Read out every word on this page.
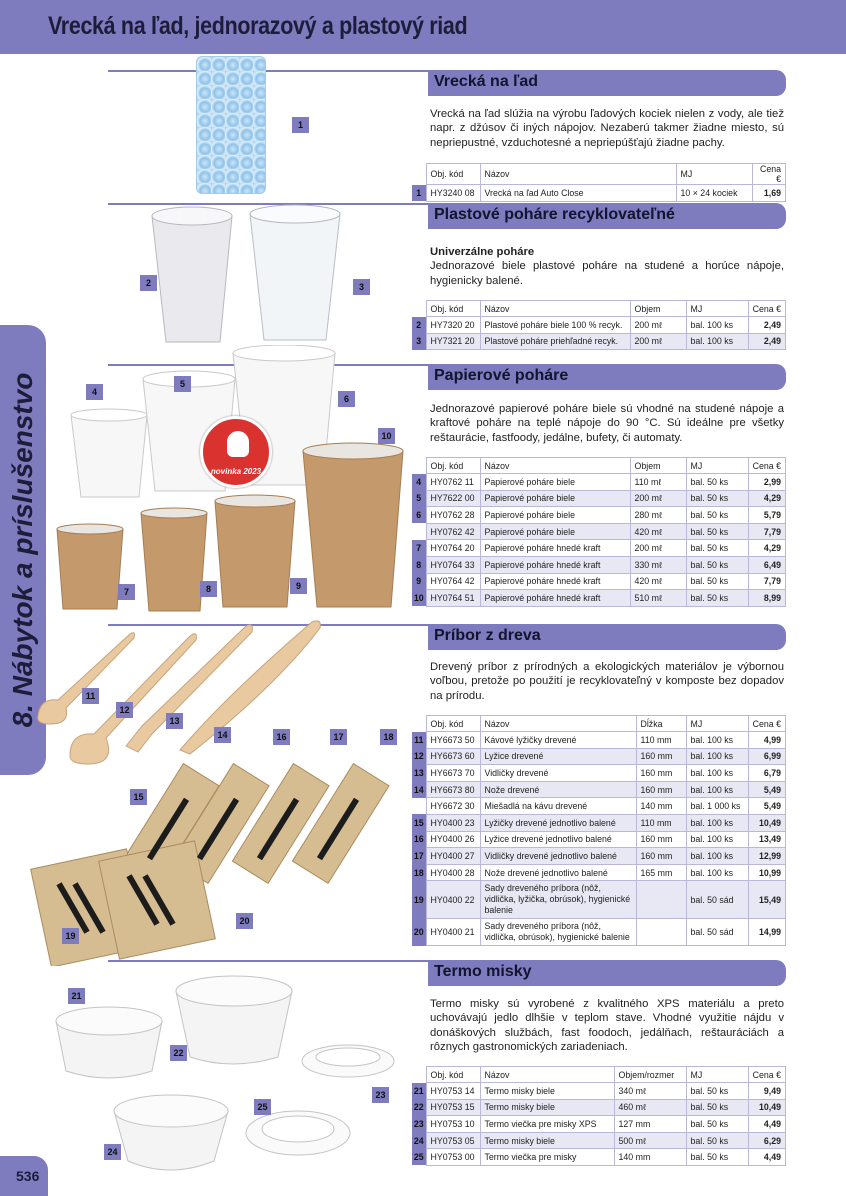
Vrecká na ľad, jednorazový a plastový riad
8. Nábytok a príslušenstvo
536
Vrecká na ľad
Vrecká na ľad slúžia na výrobu ľadových kociek nielen z vody, ale tiež napr. z džúsov či iných nápojov. Nezaberú takmer žiadne miesto, sú nepriepustné, vzduchotesné a nepriepúšťajú žiadne pachy.
	Obj. kód	Názov	MJ	Cena €
1	HY3240 08	Vrecká na ľad Auto Close	10 × 24 kociek	1,69
1
Plastové poháre recyklovateľné
Univerzálne poháre
Jednorazové biele plastové poháre na studené a horúce nápoje, hygienicky balené.
	Obj. kód	Názov	Objem	MJ	Cena €
2	HY7320 20	Plastové poháre biele 100 % recyk.	200 mℓ	bal. 100 ks	2,49
3	HY7321 20	Plastové poháre priehľadné recyk.	200 mℓ	bal. 100 ks	2,49
2	3
Papierové poháre
Jednorazové papierové poháre biele sú vhodné na studené nápoje a kraftové poháre na teplé nápoje do 90 °C. Sú ideálne pre všetky reštaurácie, fastfoody, jedálne, bufety, či automaty.
	Obj. kód	Názov	Objem	MJ	Cena €
4	HY0762 11	Papierové poháre biele	110 mℓ	bal. 50 ks	2,99
5	HY7622 00	Papierové poháre biele	200 mℓ	bal. 50 ks	4,29
6	HY0762 28	Papierové poháre biele	280 mℓ	bal. 50 ks	5,79
	HY0762 42	Papierové poháre biele	420 mℓ	bal. 50 ks	7,79
7	HY0764 20	Papierové poháre hnedé kraft	200 mℓ	bal. 50 ks	4,29
8	HY0764 33	Papierové poháre hnedé kraft	330 mℓ	bal. 50 ks	6,49
9	HY0764 42	Papierové poháre hnedé kraft	420 mℓ	bal. 50 ks	7,79
10	HY0764 51	Papierové poháre hnedé kraft	510 mℓ	bal. 50 ks	8,99
novinka 2023
4
5
6
7	8	9
10
Príbor z dreva
Drevený príbor z prírodných a ekologických materiálov je výbornou voľbou, pretože po použití je recyklovateľný v komposte bez dopadov na prírodu.
	Obj. kód	Názov	Dĺžka	MJ	Cena €
11	HY6673 50	Kávové lyžičky drevené	110 mm	bal. 100 ks	4,99
12	HY6673 60	Lyžice drevené	160 mm	bal. 100 ks	6,99
13	HY6673 70	Vidličky drevené	160 mm	bal. 100 ks	6,79
14	HY6673 80	Nože drevené	160 mm	bal. 100 ks	5,49
	HY6672 30	Miešadlá na kávu drevené	140 mm	bal. 1 000 ks	5,49
15	HY0400 23	Lyžičky drevené jednotlivo balené	110 mm	bal. 100 ks	10,49
16	HY0400 26	Lyžice drevené jednotlivo balené	160 mm	bal. 100 ks	13,49
17	HY0400 27	Vidličky drevené jednotlivo balené	160 mm	bal. 100 ks	12,99
18	HY0400 28	Nože drevené jednotlivo balené	165 mm	bal. 100 ks	10,99
19	HY0400 22	Sady dreveného príbora (nôž, vidlička, lyžička, obrúsok), hygienické balenie		bal. 50 sád	15,49
20	HY0400 21	Sady dreveného príbora (nôž, vidlička, obrúsok), hygienické balenie		bal. 50 sád	14,99
11
12
13
14
15
16	17	18
19
20
Termo misky
Termo misky sú vyrobené z kvalitného XPS materiálu a preto uchovávajú jedlo dlhšie v teplom stave. Vhodné využitie nájdu v donáškových službách, fast foodoch, jedálňach, reštauráciách a rôznych gastronomických zariadeniach.
	Obj. kód	Názov	Objem/rozmer	MJ	Cena €
21	HY0753 14	Termo misky biele	340 mℓ	bal. 50 ks	9,49
22	HY0753 15	Termo misky biele	460 mℓ	bal. 50 ks	10,49
23	HY0753 10	Termo viečka pre misky XPS	127 mm	bal. 50 ks	4,49
24	HY0753 05	Termo misky biele	500 mℓ	bal. 50 ks	6,29
25	HY0753 00	Termo viečka pre misky	140 mm	bal. 50 ks	4,49
21
22
23
24
25
